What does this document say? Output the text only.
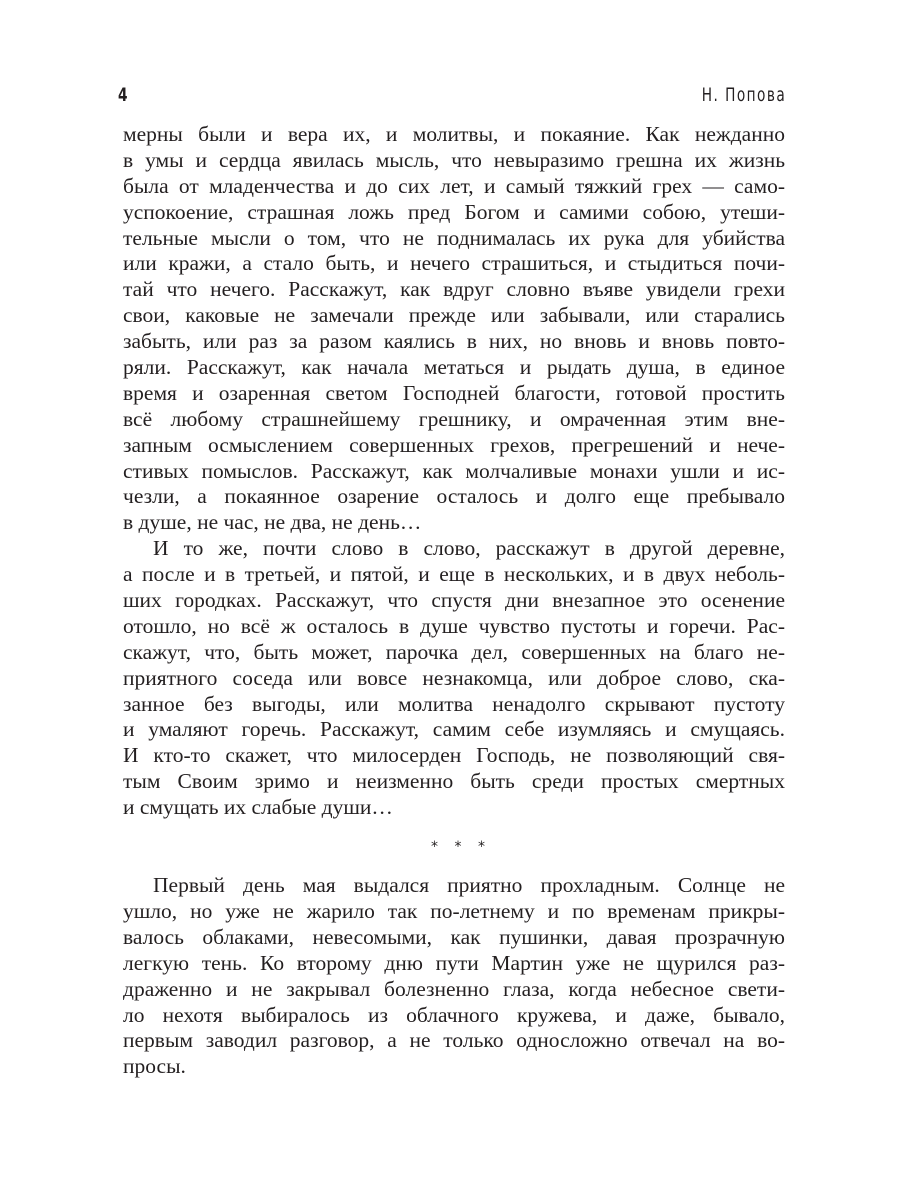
4	Н. Попова
мерны были и вера их, и молитвы, и покаяние. Как нежданно
в умы и сердца явилась мысль, что невыразимо грешна их жизнь
была от младенчества и до сих лет, и самый тяжкий грех — само-
успокоение, страшная ложь пред Богом и самими собою, утеши-
тельные мысли о том, что не поднималась их рука для убийства
или кражи, а стало быть, и нечего страшиться, и стыдиться почи-
тай что нечего. Расскажут, как вдруг словно въяве увидели грехи
свои, каковые не замечали прежде или забывали, или старались
забыть, или раз за разом каялись в них, но вновь и вновь повто-
ряли. Расскажут, как начала метаться и рыдать душа, в единое
время и озаренная светом Господней благости, готовой простить
всё любому страшнейшему грешнику, и омраченная этим вне-
запным осмыслением совершенных грехов, прегрешений и нече-
стивых помыслов. Расскажут, как молчаливые монахи ушли и ис-
чезли, а покаянное озарение осталось и долго еще пребывало
в душе, не час, не два, не день…
И то же, почти слово в слово, расскажут в другой деревне,
а после и в третьей, и пятой, и еще в нескольких, и в двух неболь-
ших городках. Расскажут, что спустя дни внезапное это осенение
отошло, но всё ж осталось в душе чувство пустоты и горечи. Рас-
скажут, что, быть может, парочка дел, совершенных на благо не-
приятного соседа или вовсе незнакомца, или доброе слово, ска-
занное без выгоды, или молитва ненадолго скрывают пустоту
и умаляют горечь. Расскажут, самим себе изумляясь и смущаясь.
И кто-то скажет, что милосерден Господь, не позволяющий свя-
тым Своим зримо и неизменно быть среди простых смертных
и смущать их слабые души…
* * *
Первый день мая выдался приятно прохладным. Солнце не
ушло, но уже не жарило так по-летнему и по временам прикры-
валось облаками, невесомыми, как пушинки, давая прозрачную
легкую тень. Ко второму дню пути Мартин уже не щурился раз-
драженно и не закрывал болезненно глаза, когда небесное свети-
ло нехотя выбиралось из облачного кружева, и даже, бывало,
первым заводил разговор, а не только односложно отвечал на во-
просы.
